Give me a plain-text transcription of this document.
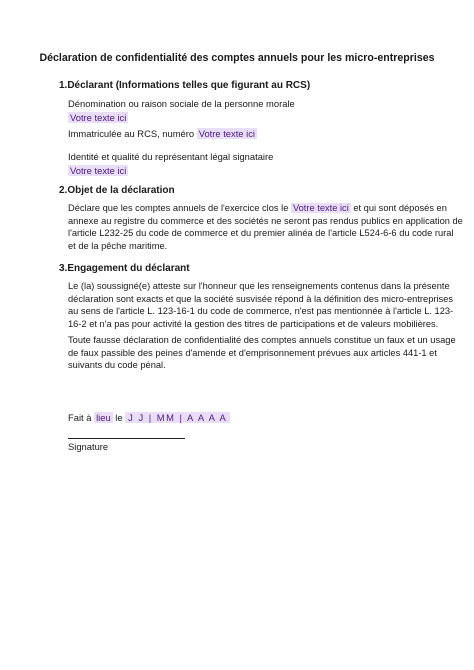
Déclaration de confidentialité des comptes annuels pour les micro-entreprises
1.Déclarant (Informations telles que figurant au RCS)
Dénomination ou raison sociale de la personne morale
Votre texte ici
Immatriculée au RCS, numéro Votre texte ici
Identité et qualité du représentant légal signataire
Votre texte ici
2.Objet de la déclaration
Déclare que les comptes annuels de l'exercice clos le Votre texte ici et qui sont déposés en
annexe au registre du commerce et des sociétés ne seront pas rendus publics en application de
l'article L232-25 du code de commerce et du premier alinéa de l'article L524-6-6 du code rural
et de la pêche maritime.
3.Engagement du déclarant
Le (la) soussigné(e) atteste sur l'honneur que les renseignements contenus dans la présente
déclaration sont exacts et que la société susvisée répond à la définition des micro-entreprises
au sens de l'article L. 123-16-1 du code de commerce, n'est pas mentionnée à l'article L. 123-
16-2 et n'a pas pour activité la gestion des titres de participations et de valeurs mobilières.
Toute fausse déclaration de confidentialité des comptes annuels constitue un faux et un usage
de faux passible des peines d'amende et d'emprisonnement prévues aux articles 441-1 et
suivants du code pénal.
Fait à lieu le J J | MM | A A A A
Signature
